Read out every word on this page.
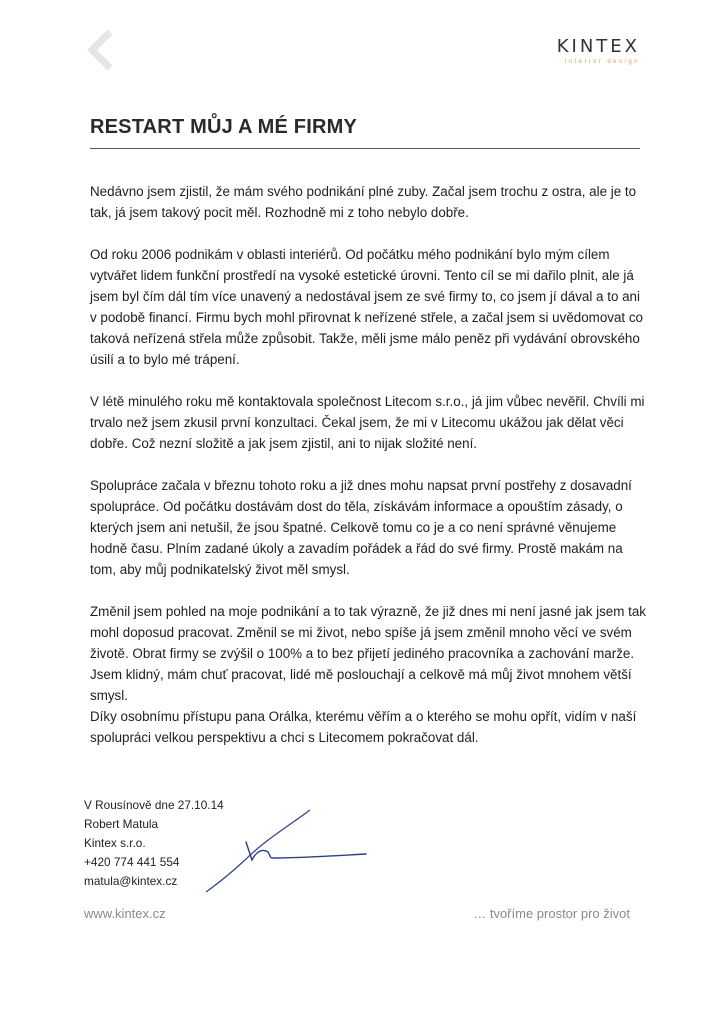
KINTEX
interior design
RESTART MŮJ A MÉ FIRMY

Nedávno jsem zjistil, že mám svého podnikání plné zuby. Začal jsem trochu z ostra, ale je to tak, já jsem takový pocit měl. Rozhodně mi z toho nebylo dobře.

Od roku 2006 podnikám v oblasti interiérů. Od počátku mého podnikání bylo mým cílem vytvářet lidem funkční prostředí na vysoké estetické úrovni. Tento cíl se mi dařilo plnit, ale já jsem byl čím dál tím více unavený a nedostával jsem ze své firmy to, co jsem jí dával a to ani v podobě financí. Firmu bych mohl přirovnat k neřízené střele, a začal jsem si uvědomovat co taková neřízená střela může způsobit. Takže, měli jsme málo peněz při vydávání obrovského úsilí a to bylo mé trápení.

V létě minulého roku mě kontaktovala společnost Litecom s.r.o., já jim vůbec nevěřil. Chvíli mi trvalo než jsem zkusil první konzultaci. Čekal jsem, že mi v Litecomu ukážou jak dělat věci dobře. Což nezní složitě a jak jsem zjistil, ani to nijak složité není.

Spolupráce začala v březnu tohoto roku a již dnes mohu napsat první postřehy z dosavadní spolupráce. Od počátku dostávám dost do těla, získávám informace a opouštím zásady, o kterých jsem ani netušil, že jsou špatné. Celkově tomu co je a co není správné věnujeme hodně času. Plním zadané úkoly a zavadím pořádek a řád do své firmy. Prostě makám na tom, aby můj podnikatelský život měl smysl.

Změnil jsem pohled na moje podnikání a to tak výrazně, že již dnes mi není jasné jak jsem tak mohl doposud pracovat. Změnil se mi život, nebo spíše já jsem změnil mnoho věcí ve svém životě. Obrat firmy se zvýšil o 100% a to bez přijetí jediného pracovníka a zachování marže. Jsem klidný, mám chuť pracovat, lidé mě poslouchají a celkově má můj život mnohem větší smysl.

Díky osobnímu přístupu pana Orálka, kterému věřím a o kterého se mohu opřít, vidím v naší spolupráci velkou perspektivu a chci s Litecomem pokračovat dál.

V Rousínově dne 27.10.14
Robert Matula
Kintex s.r.o.
+420 774 441 554
matula@kintex.cz
www.kintex.cz	… tvoříme prostor pro život
